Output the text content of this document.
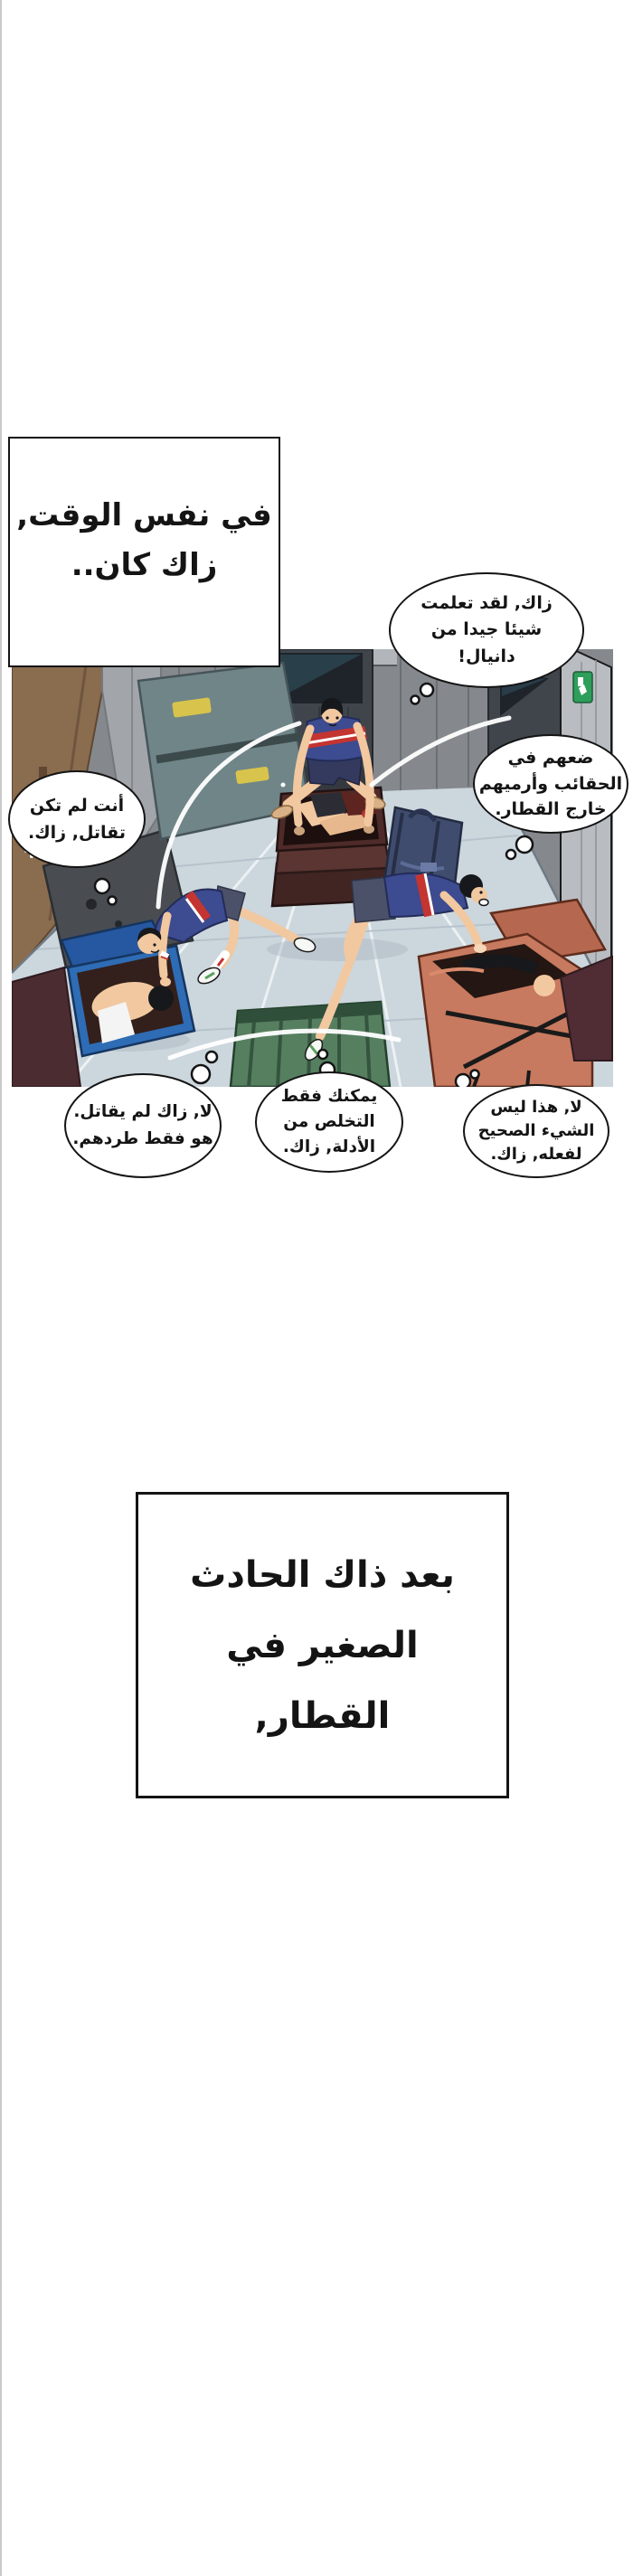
في نفس الوقت,
زاك كان..
زاك, لقد تعلمت
شيئا جيدا من
دانيال!
ضعهم في
الحقائب وأرميهم
خارج القطار.
أنت لم تكن
تقاتل, زاك.
لا, زاك لم يقاتل.
هو فقط طردهم.
يمكنك فقط
التخلص من
الأدلة, زاك.
لا, هذا ليس
الشيء الصحيح
لفعله, زاك.
بعد ذاك الحادث
الصغير في
القطار,
